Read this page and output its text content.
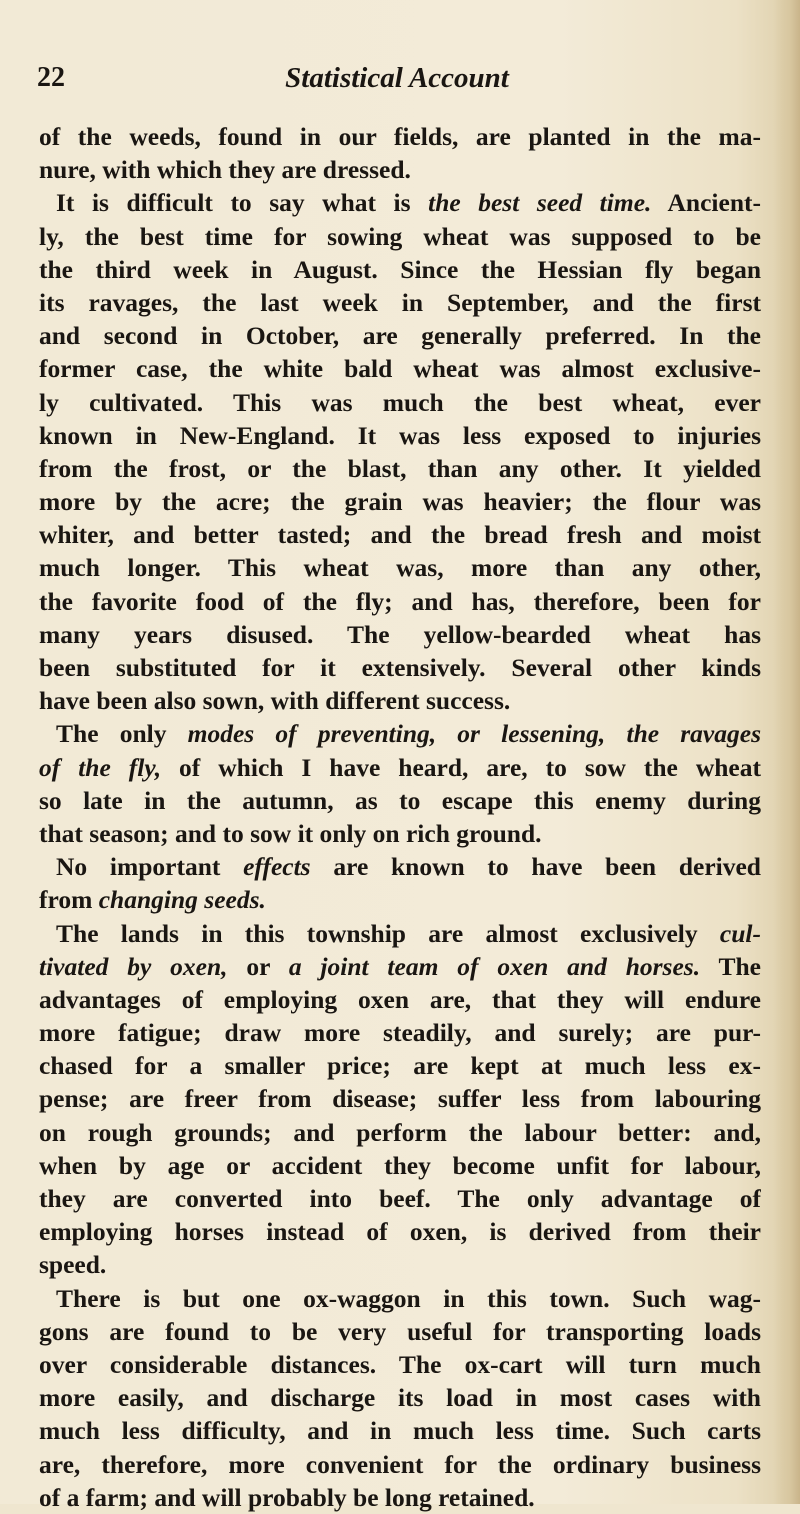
22	Statistical Account
of the weeds, found in our fields, are planted in the ma-
nure, with which they are dressed.
It is difficult to say what is the best seed time. Ancient-
ly, the best time for sowing wheat was supposed to be
the third week in August. Since the Hessian fly began
its ravages, the last week in September, and the first
and second in October, are generally preferred. In the
former case, the white bald wheat was almost exclusive-
ly cultivated. This was much the best wheat, ever
known in New-England. It was less exposed to injuries
from the frost, or the blast, than any other. It yielded
more by the acre; the grain was heavier; the flour was
whiter, and better tasted; and the bread fresh and moist
much longer. This wheat was, more than any other,
the favorite food of the fly; and has, therefore, been for
many years disused. The yellow-bearded wheat has
been substituted for it extensively. Several other kinds
have been also sown, with different success.
The only modes of preventing, or lessening, the ravages
of the fly, of which I have heard, are, to sow the wheat
so late in the autumn, as to escape this enemy during
that season; and to sow it only on rich ground.
No important effects are known to have been derived
from changing seeds.
The lands in this township are almost exclusively cul-
tivated by oxen, or a joint team of oxen and horses. The
advantages of employing oxen are, that they will endure
more fatigue; draw more steadily, and surely; are pur-
chased for a smaller price; are kept at much less ex-
pense; are freer from disease; suffer less from labouring
on rough grounds; and perform the labour better: and,
when by age or accident they become unfit for labour,
they are converted into beef. The only advantage of
employing horses instead of oxen, is derived from their
speed.
There is but one ox-waggon in this town. Such wag-
gons are found to be very useful for transporting loads
over considerable distances. The ox-cart will turn much
more easily, and discharge its load in most cases with
much less difficulty, and in much less time. Such carts
are, therefore, more convenient for the ordinary business
of a farm; and will probably be long retained.
